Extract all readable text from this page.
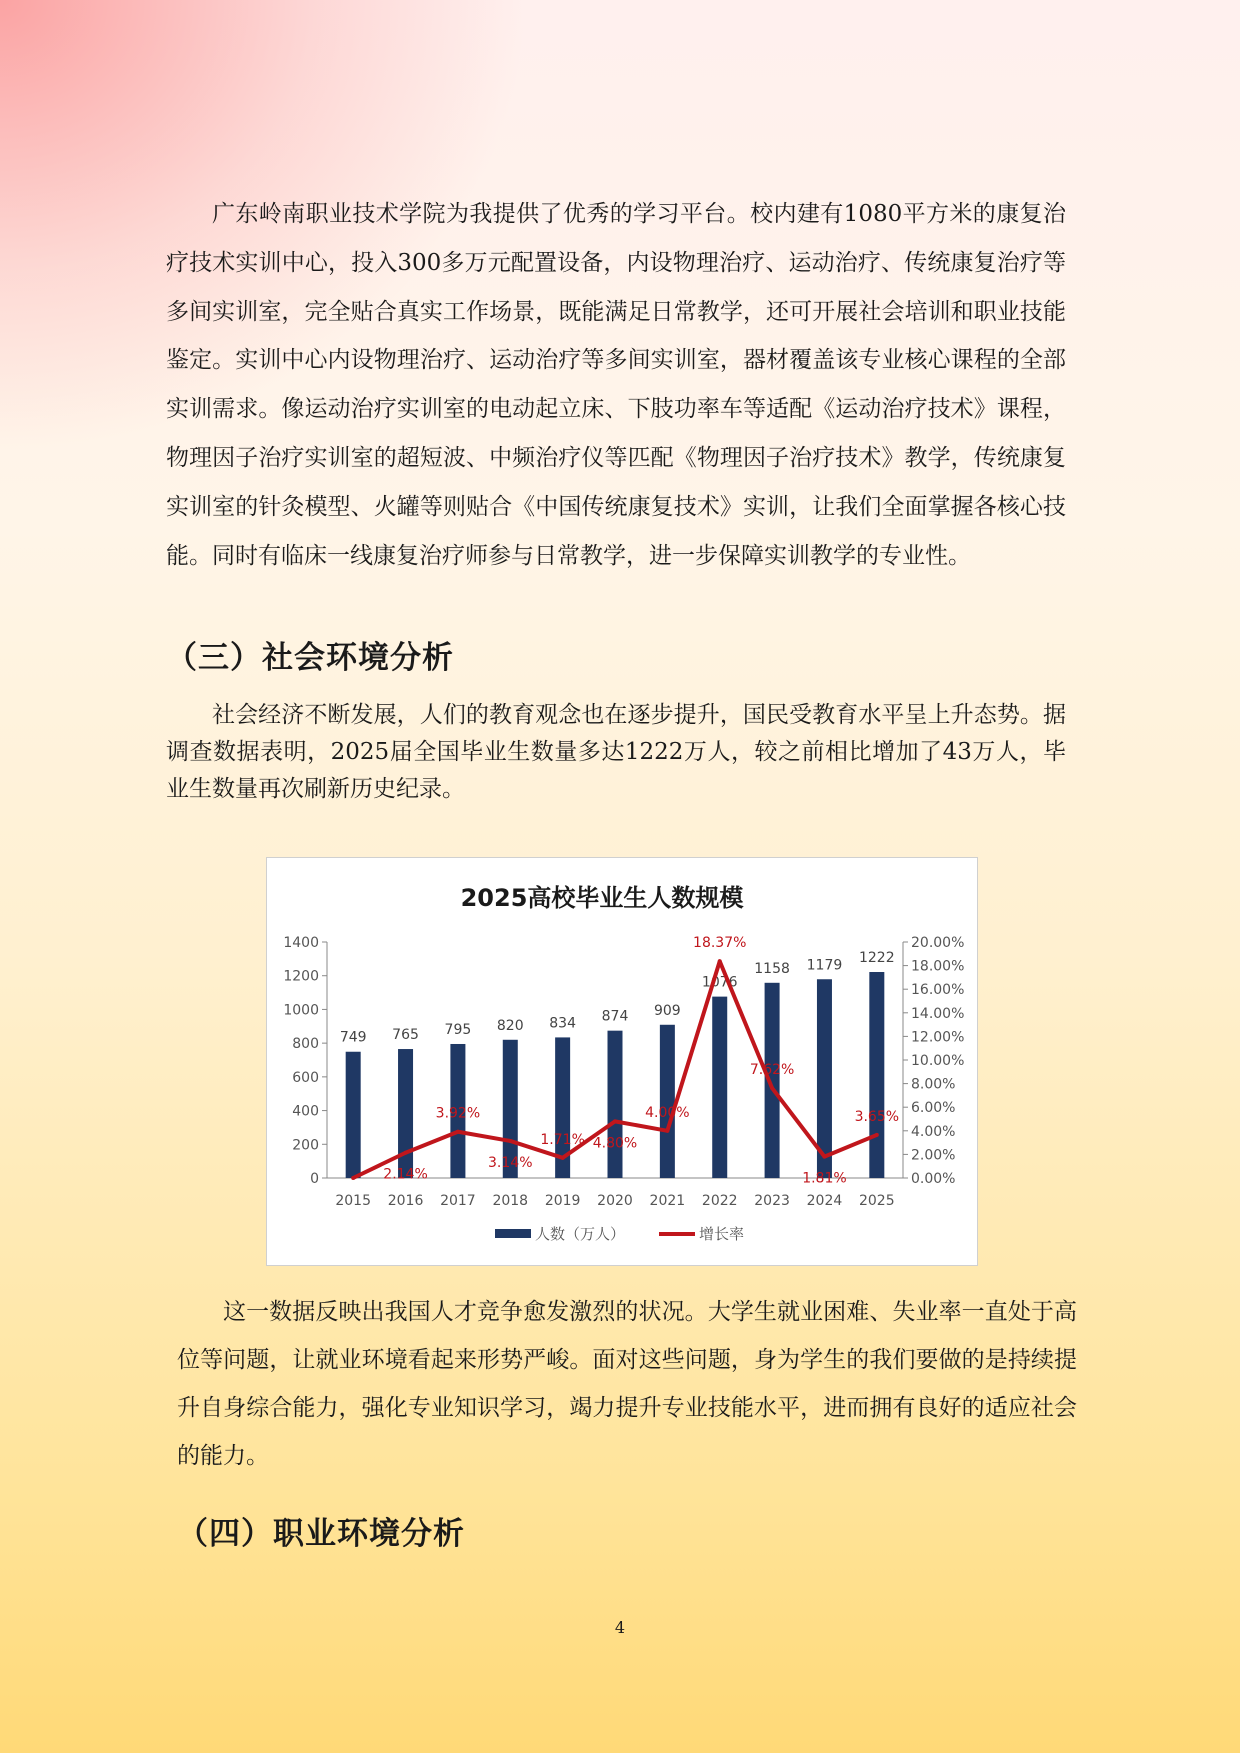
广东岭南职业技术学院为我提供了优秀的学习平台。校内建有1080平方米的康复治疗技术实训中心，投入300多万元配置设备，内设物理治疗、运动治疗、传统康复治疗等多间实训室，完全贴合真实工作场景，既能满足日常教学，还可开展社会培训和职业技能鉴定。实训中心内设物理治疗、运动治疗等多间实训室，器材覆盖该专业核心课程的全部实训需求。像运动治疗实训室的电动起立床、下肢功率车等适配《运动治疗技术》课程，物理因子治疗实训室的超短波、中频治疗仪等匹配《物理因子治疗技术》教学，传统康复实训室的针灸模型、火罐等则贴合《中国传统康复技术》实训，让我们全面掌握各核心技能。同时有临床一线康复治疗师参与日常教学，进一步保障实训教学的专业性。

（三）社会环境分析

社会经济不断发展，人们的教育观念也在逐步提升，国民受教育水平呈上升态势。据调查数据表明，2025届全国毕业生数量多达1222万人，较之前相比增加了43万人，毕业生数量再次刷新历史纪录。

2025高校毕业生人数规模
0
200
400
600
800
1000
1200
1400
0.00%
2.00%
4.00%
6.00%
8.00%
10.00%
12.00%
14.00%
16.00%
18.00%
20.00%
2015 2016 2017 2018 2019 2020 2021 2022 2023 2024 2025
749 765 795 820 834 874 909
1076
1158 1179 1222
2.14%
3.92%
3.14%
1.71% 4.80%
4.00%
18.37%
7.62%
1.81%
3.65%
人数（万人）	增长率

这一数据反映出我国人才竞争愈发激烈的状况。大学生就业困难、失业率一直处于高位等问题，让就业环境看起来形势严峻。面对这些问题，身为学生的我们要做的是持续提升自身综合能力，强化专业知识学习，竭力提升专业技能水平，进而拥有良好的适应社会的能力。

（四）职业环境分析
4
